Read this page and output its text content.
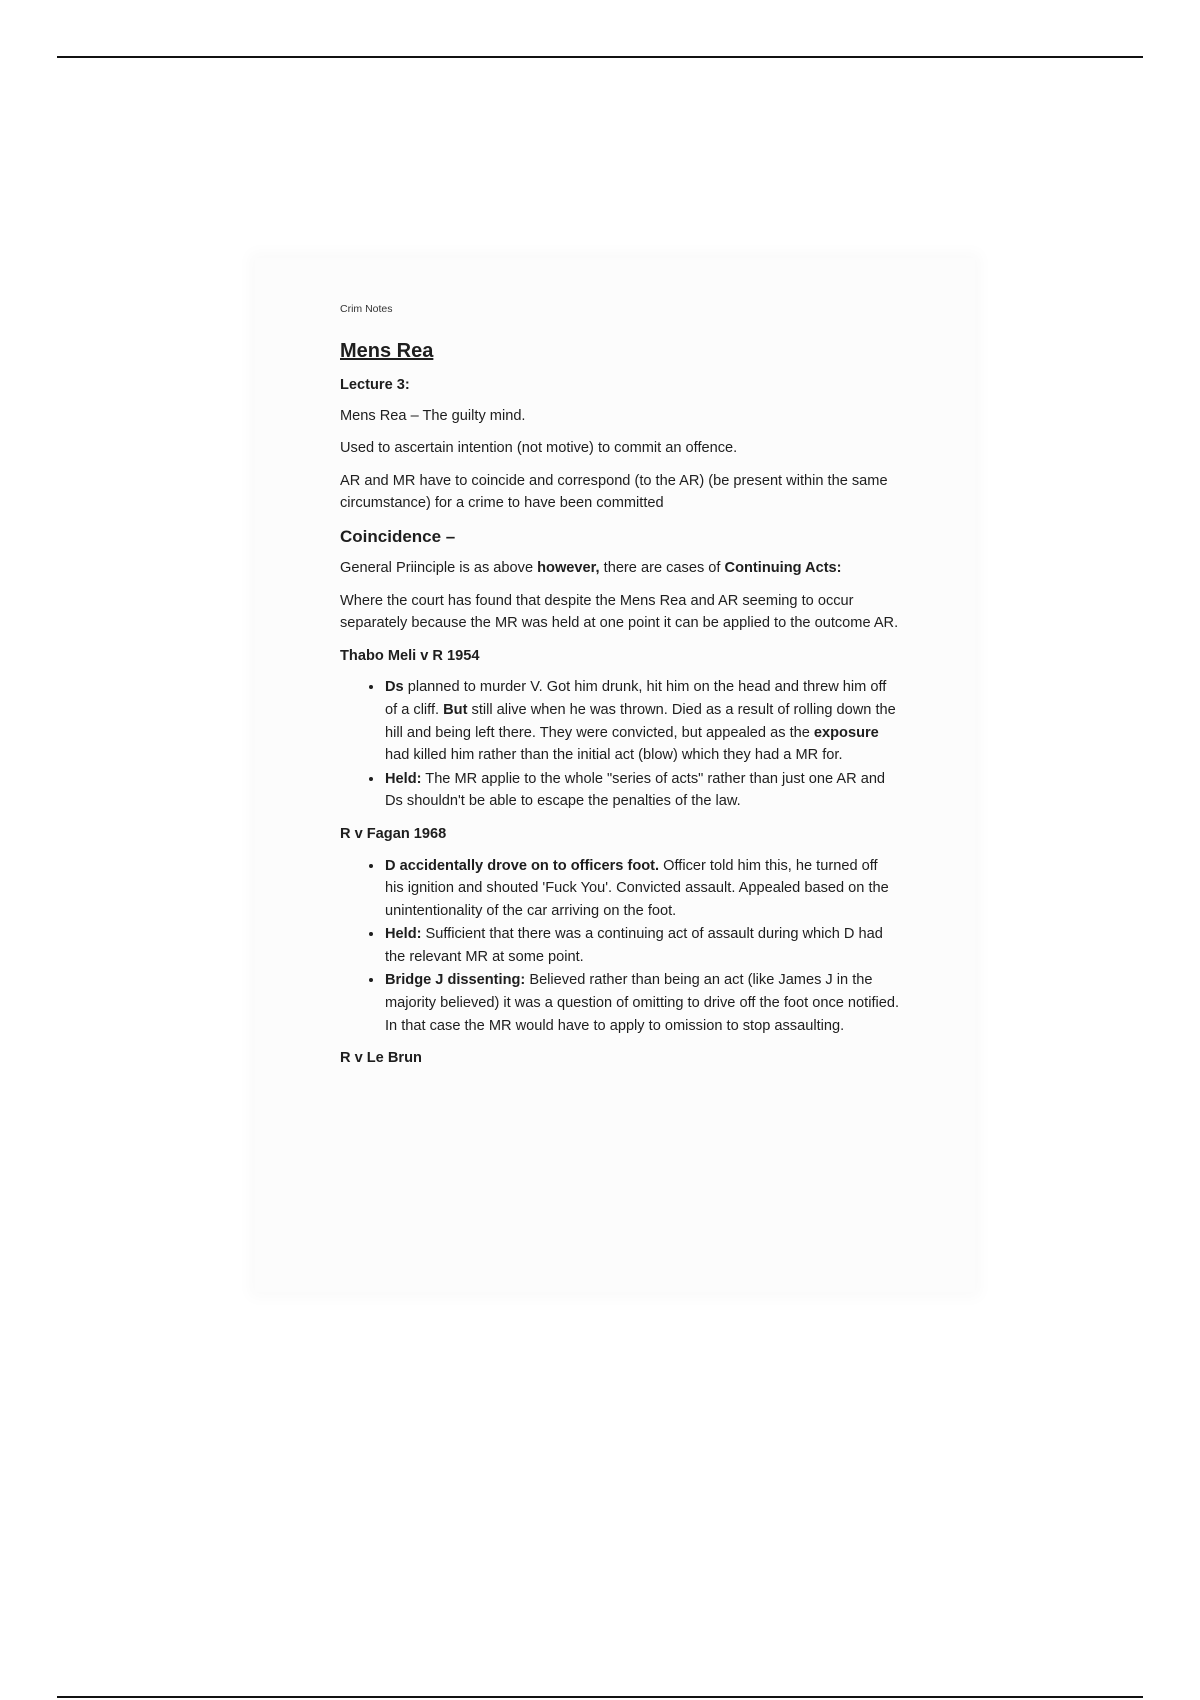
Crim Notes
Mens Rea

Lecture 3:

Mens Rea – The guilty mind.

Used to ascertain intention (not motive) to commit an offence.

AR and MR have to coincide and correspond (to the AR) (be present within the same circumstance) for a crime to have been committed

Coincidence –

General Priinciple is as above however, there are cases of Continuing Acts:

Where the court has found that despite the Mens Rea and AR seeming to occur separately because the MR was held at one point it can be applied to the outcome AR.

Thabo Meli v R 1954

• Ds planned to murder V. Got him drunk, hit him on the head and threw him off of a cliff. But still alive when he was thrown. Died as a result of rolling down the hill and being left there. They were convicted, but appealed as the exposure had killed him rather than the initial act (blow) which they had a MR for.
• Held: The MR applie to the whole "series of acts" rather than just one AR and Ds shouldn't be able to escape the penalties of the law.

R v Fagan 1968

• D accidentally drove on to officers foot. Officer told him this, he turned off his ignition and shouted 'Fuck You'. Convicted assault. Appealed based on the unintentionality of the car arriving on the foot.
• Held: Sufficient that there was a continuing act of assault during which D had the relevant MR at some point.
• Bridge J dissenting: Believed rather than being an act (like James J in the majority believed) it was a question of omitting to drive off the foot once notified. In that case the MR would have to apply to omission to stop assaulting.

R v Le Brun
